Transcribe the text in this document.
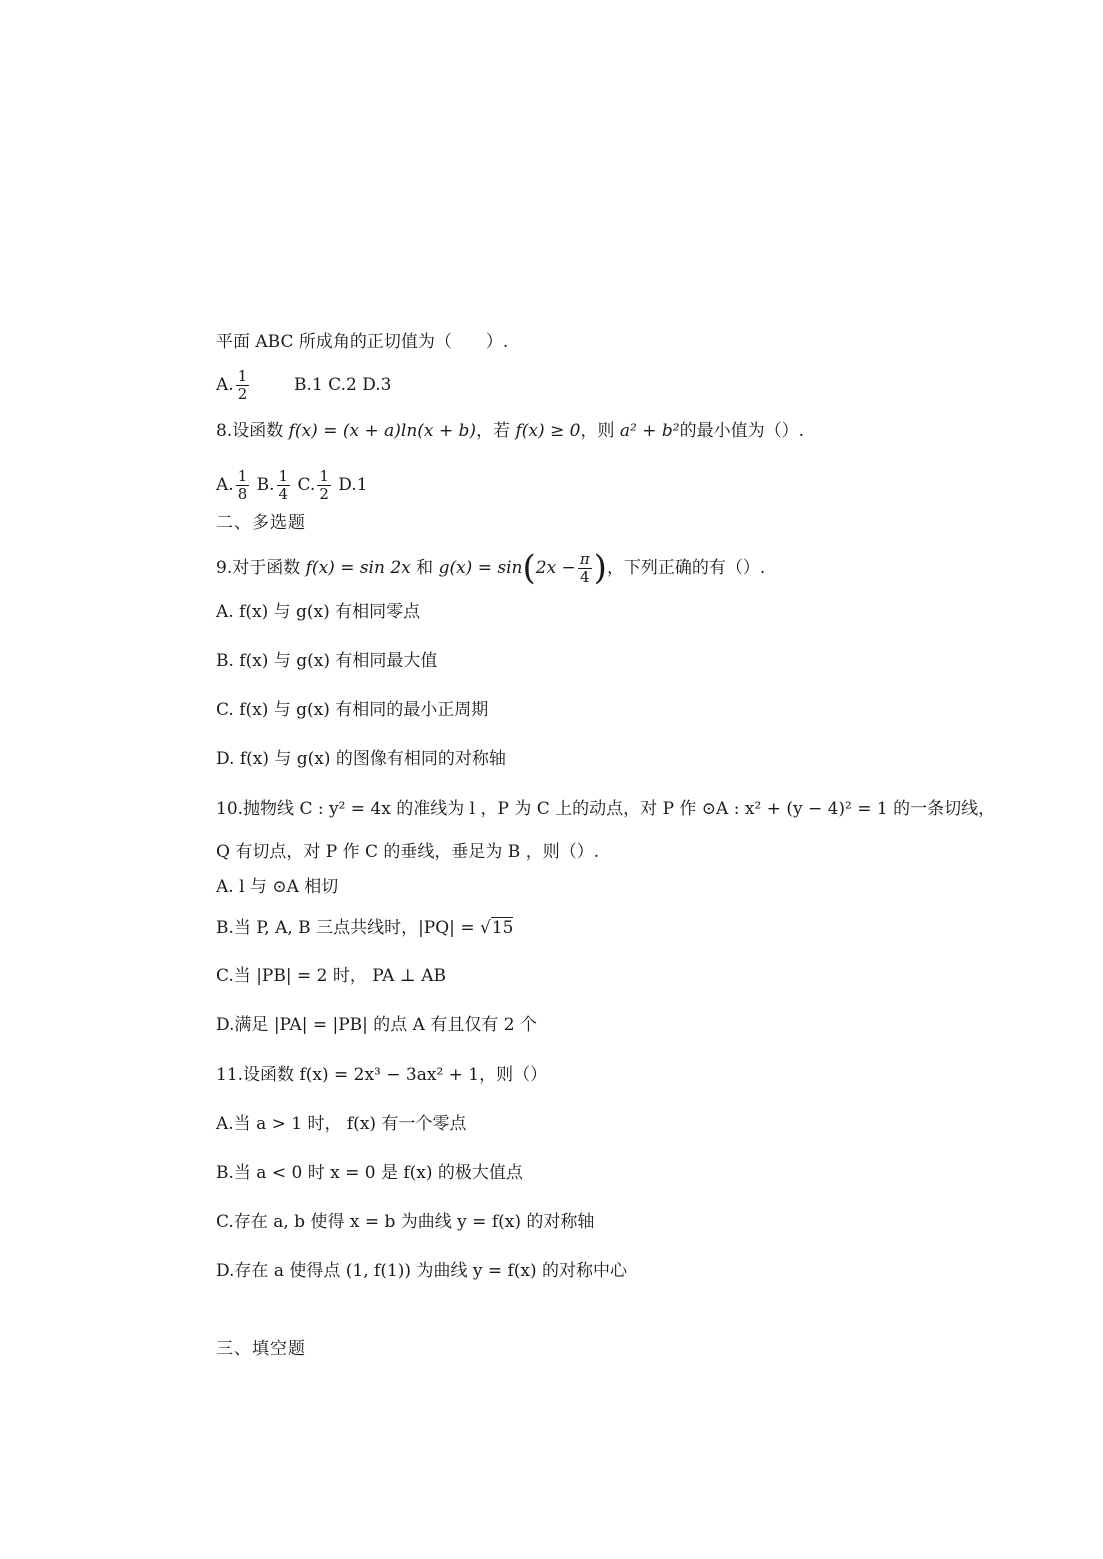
平面 ABC 所成角的正切值为（　　）.
A. $\frac{1}{2}$	B.1 C.2 D.3
8.设函数 f(x) = (x + a)ln(x + b)，若 f(x) ≥ 0，则 a² + b²的最小值为（）.
A. $\frac{1}{8} B$. $\frac{1}{4} C$. $\frac{1}{2} D.1$
二、多选题
9.对于函数 f(x) = sin 2x 和 $g(x) = \sin(2x - \frac{\pi}{4}$ )，下列正确的有（）.
A. f(x) 与 g(x) 有相同零点
B. f(x) 与 g(x) 有相同最大值
C. f(x) 与 g(x) 有相同的最小正周期
D. f(x) 与 g(x) 的图像有相同的对称轴
10.抛物线 C : y² = 4x 的准线为 l ，P 为 C 上的动点，对 P 作 ⊙A : x² + (y − 4)² = 1 的一条切线，
Q 有切点，对 P 作 C 的垂线，垂足为 B ，则（）.
A. l 与 ⊙A 相切
B.当 P, A, B 三点共线时，|PQ| = √15
C.当 |PB| = 2 时， PA ⊥ AB
D.满足 |PA| = |PB| 的点 A 有且仅有 2 个
11.设函数 f(x) = 2x³ − 3ax² + 1，则（）
A.当 a > 1 时， f(x) 有一个零点
B.当 a < 0 时 x = 0 是 f(x) 的极大值点
C.存在 a, b 使得 x = b 为曲线 y = f(x) 的对称轴
D.存在 a 使得点 (1, f(1)) 为曲线 y = f(x) 的对称中心
三、填空题
